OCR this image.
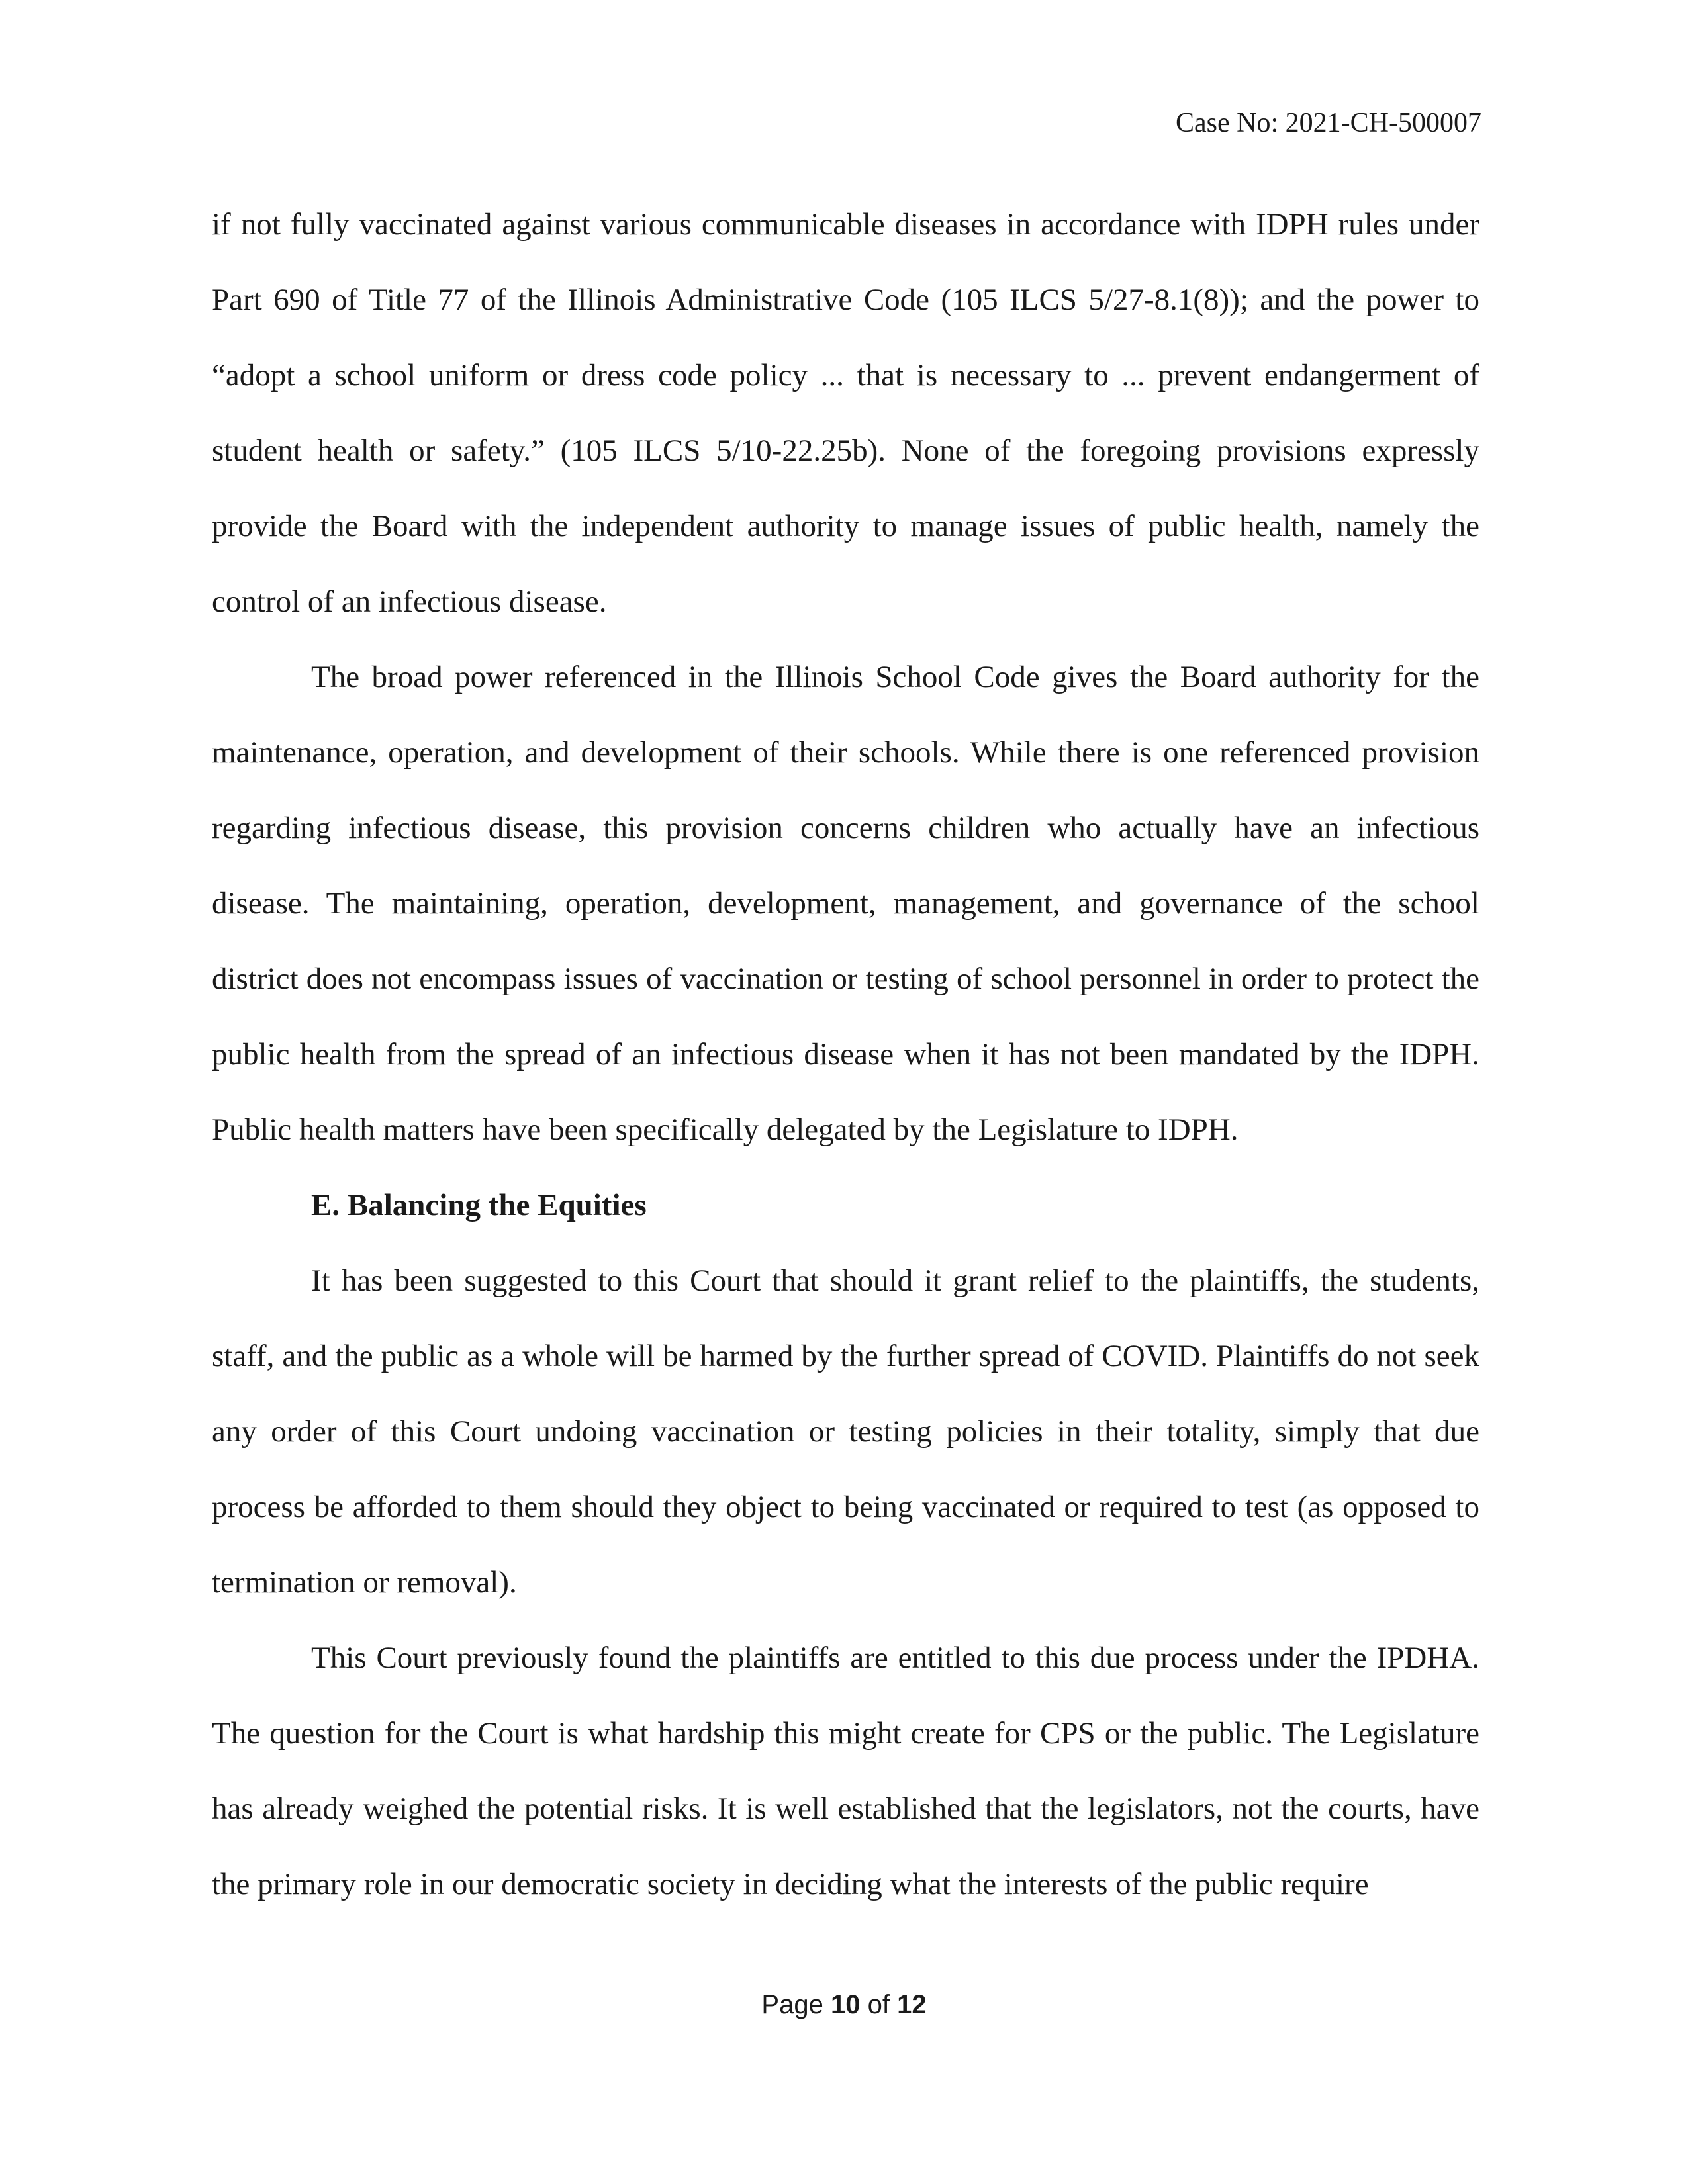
Case No: 2021-CH-500007

if not fully vaccinated against various communicable diseases in accordance with IDPH rules under Part 690 of Title 77 of the Illinois Administrative Code (105 ILCS 5/27-8.1(8)); and the power to “adopt a school uniform or dress code policy ... that is necessary to ... prevent endangerment of student health or safety.” (105 ILCS 5/10-22.25b). None of the foregoing provisions expressly provide the Board with the independent authority to manage issues of public health, namely the control of an infectious disease.

The broad power referenced in the Illinois School Code gives the Board authority for the maintenance, operation, and development of their schools. While there is one referenced provision regarding infectious disease, this provision concerns children who actually have an infectious disease. The maintaining, operation, development, management, and governance of the school district does not encompass issues of vaccination or testing of school personnel in order to protect the public health from the spread of an infectious disease when it has not been mandated by the IDPH. Public health matters have been specifically delegated by the Legislature to IDPH.

E. Balancing the Equities

It has been suggested to this Court that should it grant relief to the plaintiffs, the students, staff, and the public as a whole will be harmed by the further spread of COVID. Plaintiffs do not seek any order of this Court undoing vaccination or testing policies in their totality, simply that due process be afforded to them should they object to being vaccinated or required to test (as opposed to termination or removal).

This Court previously found the plaintiffs are entitled to this due process under the IPDHA. The question for the Court is what hardship this might create for CPS or the public. The Legislature has already weighed the potential risks. It is well established that the legislators, not the courts, have the primary role in our democratic society in deciding what the interests of the public require

Page 10 of 12
